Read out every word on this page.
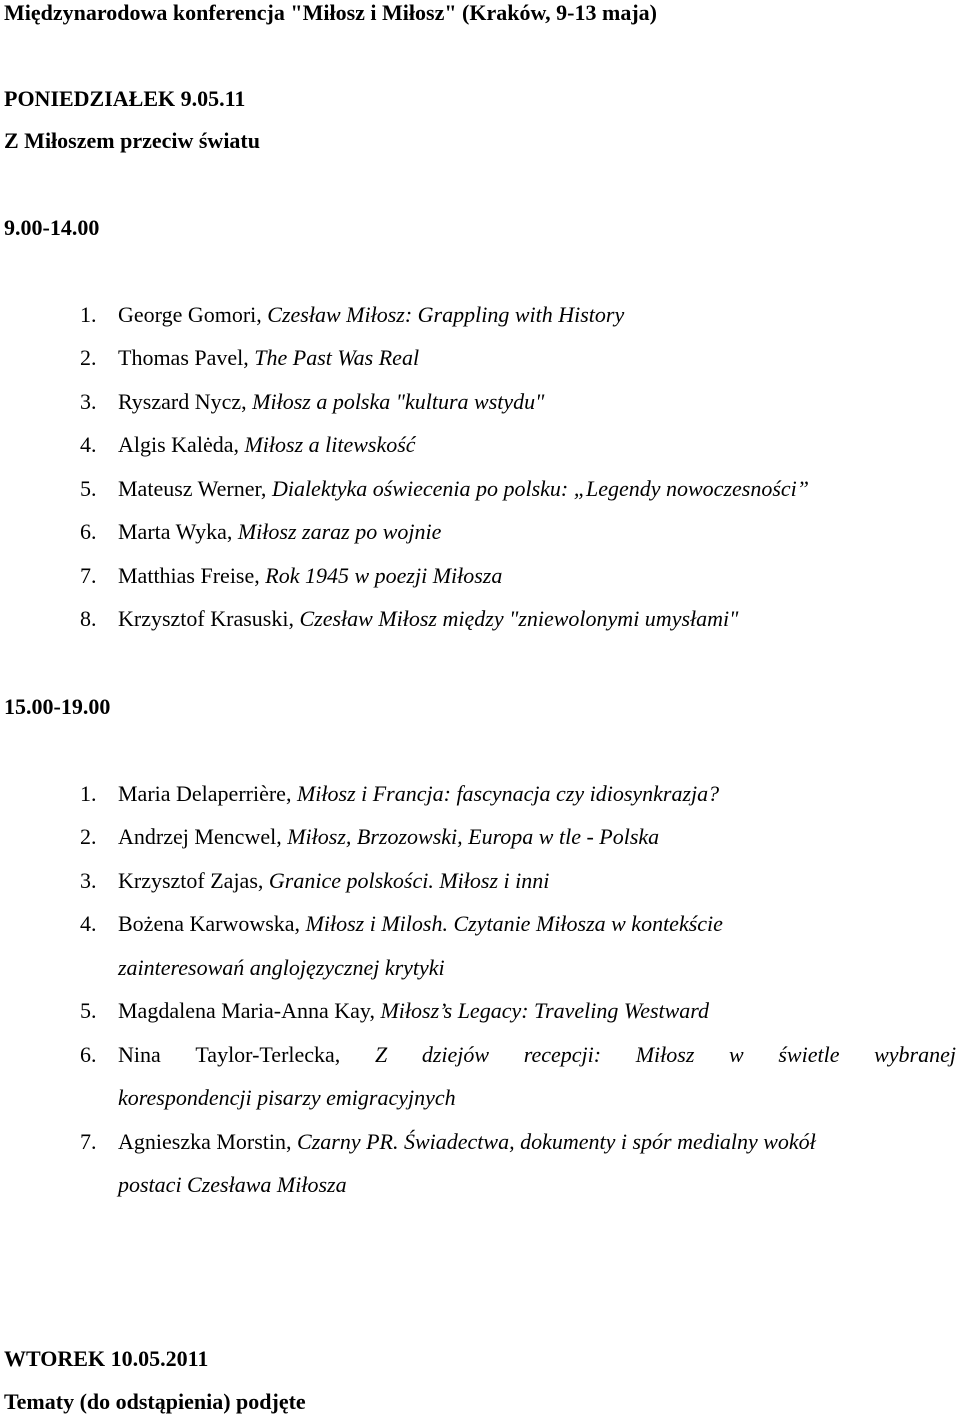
Międzynarodowa konferencja "Miłosz i Miłosz" (Kraków, 9-13 maja)
PONIEDZIAŁEK 9.05.11
Z Miłoszem przeciw światu
9.00-14.00
1. George Gomori, Czesław Miłosz: Grappling with History
2. Thomas Pavel, The Past Was Real
3. Ryszard Nycz, Miłosz a polska "kultura wstydu"
4. Algis Kalėda, Miłosz a litewskość
5. Mateusz Werner, Dialektyka oświecenia po polsku: „Legendy nowoczesności”
6. Marta Wyka, Miłosz zaraz po wojnie
7. Matthias Freise, Rok 1945 w poezji Miłosza
8. Krzysztof Krasuski, Czesław Miłosz między "zniewolonymi umysłami"
15.00-19.00
1. Maria Delaperrière, Miłosz i Francja: fascynacja czy idiosynkrazja?
2. Andrzej Mencwel, Miłosz, Brzozowski, Europa w tle - Polska
3. Krzysztof Zajas, Granice polskości. Miłosz i inni
4. Bożena Karwowska, Miłosz i Milosh. Czytanie Miłosza w kontekście
zainteresowań anglojęzycznej krytyki
5. Magdalena Maria-Anna Kay, Miłosz’s Legacy: Traveling Westward
6. Nina Taylor-Terlecka, Z dziejów recepcji: Miłosz w świetle wybranej
korespondencji pisarzy emigracyjnych
7. Agnieszka Morstin, Czarny PR. Świadectwa, dokumenty i spór medialny wokół
postaci Czesława Miłosza
WTOREK 10.05.2011
Tematy (do odstąpienia) podjęte
